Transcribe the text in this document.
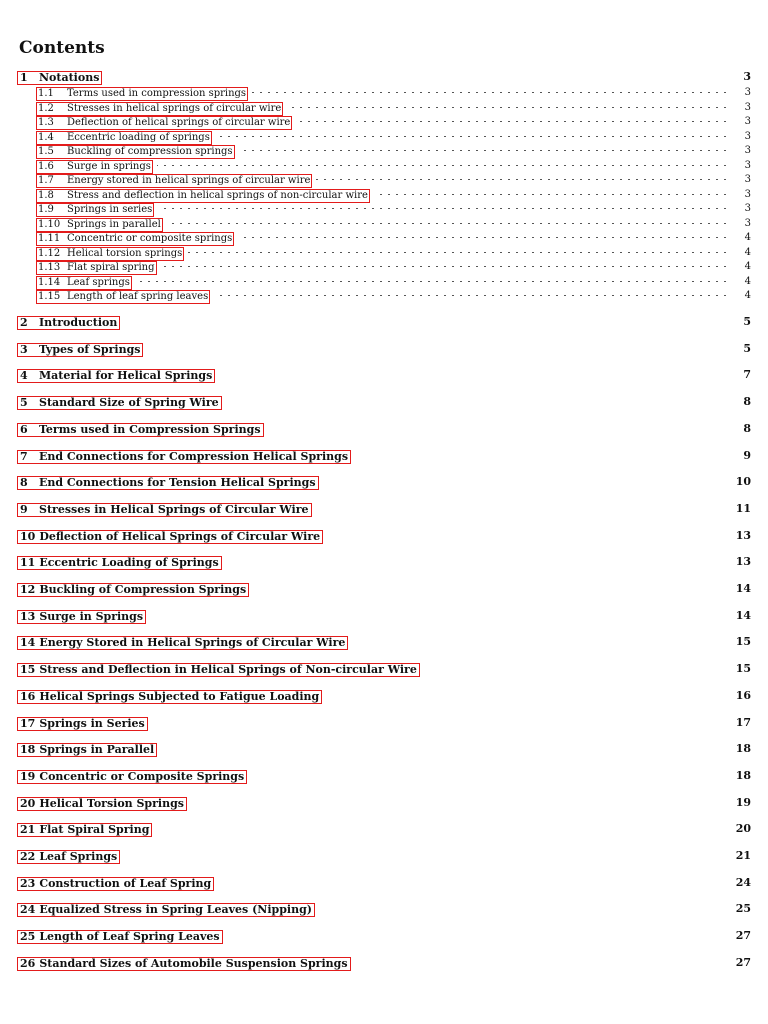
Contents
1 Notations	3
1.1 Terms used in compression springs	3
1.2 Stresses in helical springs of circular wire	3
1.3 Deflection of helical springs of circular wire	3
1.4 Eccentric loading of springs	3
1.5 Buckling of compression springs	3
1.6 Surge in springs	3
1.7 Energy stored in helical springs of circular wire	3
1.8 Stress and deflection in helical springs of non-circular wire	3
1.9 Springs in series	3
1.10 Springs in parallel	3
1.11 Concentric or composite springs	4
1.12 Helical torsion springs	4
1.13 Flat spiral spring	4
1.14 Leaf springs	4
1.15 Length of leaf spring leaves	4
2 Introduction	5
3 Types of Springs	5
4 Material for Helical Springs	7
5 Standard Size of Spring Wire	8
6 Terms used in Compression Springs	8
7 End Connections for Compression Helical Springs	9
8 End Connections for Tension Helical Springs	10
9 Stresses in Helical Springs of Circular Wire	11
10 Deflection of Helical Springs of Circular Wire	13
11 Eccentric Loading of Springs	13
12 Buckling of Compression Springs	14
13 Surge in Springs	14
14 Energy Stored in Helical Springs of Circular Wire	15
15 Stress and Deflection in Helical Springs of Non-circular Wire	15
16 Helical Springs Subjected to Fatigue Loading	16
17 Springs in Series	17
18 Springs in Parallel	18
19 Concentric or Composite Springs	18
20 Helical Torsion Springs	19
21 Flat Spiral Spring	20
22 Leaf Springs	21
23 Construction of Leaf Spring	24
24 Equalized Stress in Spring Leaves (Nipping)	25
25 Length of Leaf Spring Leaves	27
26 Standard Sizes of Automobile Suspension Springs	27
